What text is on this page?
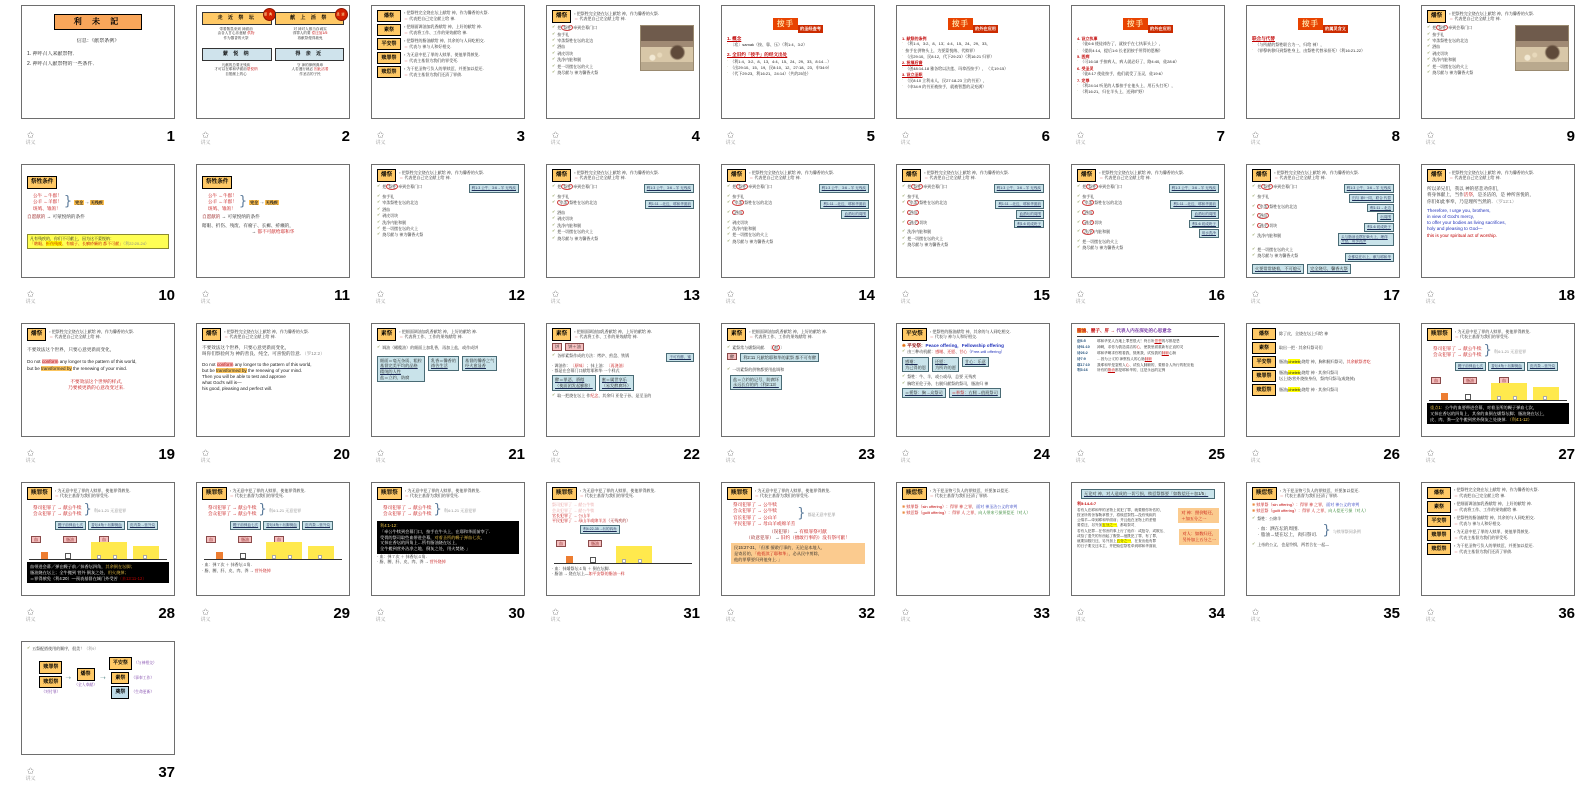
利 未 記
信息：《献祭条例》
1. 神呼召人来献祭物．
2. 神呼召人献祭物的一些条件．
✩
讲义	1
走 近 祭 坛
恩典
献 上 活 祭
圣洁
带着敬畏来到 神面前
由各人甘心乐意献 供物
作为馨香的火祭
对 神对人都当存诚实
得罪人的要 偿还加1/5
再献祭便得赦免
蒙 悦 纳	得 亲 近
凡献的总要无残疾
才可以在耶和华面前蒙悦纳
自愿献上的心
守 神的律例典章
人若遵行就必 因此活着
作圣洁的子民
✩
讲义	2
燔祭	▪ 把祭牲完全烧在坛上献给 神，作为馨香的火祭．
＝ 代表把自己完全献上给 神．
素祭	▪ 把细面调油加乳香献给 神，上好的献给 神．
＝ 代表将工作、工作的果效献给 神．
平安祭	▪ 把祭牲的脂油献给 神，其余的与人同吃相交．
＝ 代表与 神与人和好相交．
赎罪祭	▪ 为无意中犯了罪的人赎罪，使他罪得赦免．
＝ 代表主基督为我们的罪受死．
赎愆祭	▪ 为干犯圣物亏负人的罪赎愆，并要加以偿还．
＝ 代表主基督为我们还清了罪债．
✩
讲义	3
燔祭	▪ 把祭牲完全烧在坛上献给 神，作为馨香的火祭．
＝ 代表把自己完全献上给 神．
✔ 把 祭牲 牵到会幕门口
✔ 按手礼
✔ 宰杀祭牲在坛的北边
✔ 洒血
✔ 剥皮切块
✔ 洗净内脏和腿
✔ 把一切摆在坛的火上
✔ 烧尽献与 神为馨香火祭
✩
讲义	4
按手的圣经查考
1. 概念
· 〔希〕samak（按、靠、压）（利1:4，3:2）
2. 全旧约「按手」的经文出处
· （利1:4，3:2、8、13，4:4、15、24、29、33，8:14…）
· （出29:10、15、19，民8:10、12，27:18、23，申34:9）
· （代下29:23，利16:21，24:14）（共约25处）
✩
讲义	5
按手的外在应用
1. 献祭的条例
· （利1:4，3:2、8、13；4:4、15、24、29、33，
· 按手在供物头上，为要蒙悦纳、代赎罪）
· （出29:10，民8:12，代下29:23）（利16:21 归罪）
2. 祝福后裔
· （创48:14-18 雅各给以法莲、玛拿西按手），（太19:15）
3. 设立圣职
· （民8:10 立利未人，民27:18-23 立约书亚），
· （申34:9 约书亚被按手，就被智慧的灵充满）
✩
讲义	6
按手的外在应用
4. 设立执事
· （徒6:6 使徒祷告了，就按手在七执事头上），
· （提前4:14，提后1:6 长老团按手所得的恩赐）
5. 医病
· （可16:18 手按病人，病人就必好了，路4:40，徒28:8）
6. 受圣灵
· （徒8:17 使徒按手，他们就受了圣灵，徒19:6）
7. 定罪
· （利24:14 听见的人都按手在他头上，用石头打死），
· （利16:21，归在羊头上，送到旷野）
✩
讲义	7
按手的属灵含义
联合与代替
· （与所献的祭牲联合为一，归给 神），
· （罪孽转移归到祭牲身上，由祭牲代替承担死）（利16:21-22）
✩
讲义	8
燔祭	▪ 把祭牲完全烧在坛上献给 神，作为馨香的火祭．
＝ 代表把自己完全献上给 神．
✔ 把 祭牲 牵到会幕门口
✔ 按手礼
✔ 宰杀祭牲在坛的北边
✔ 洒血
✔ 剥皮切块
✔ 洗净内脏和腿
✔ 把一切摆在坛的火上
✔ 烧尽献与 神为馨香火祭
✩
讲义	9
祭牲条件
公牛 ←牛群！
公羊 ←羊群！
斑鸠、雏鸽！ } 完全 ⇢ 无残疾
自愿献的 → 可蒙悦纳的条件
凡有残疾的，你们不可献上，因为这不蒙悦纳：
「瞎眼、折伤残废、有瘤子、长癣疥癞的 都不可献」（利22:20-24）
✩
讲义	10
祭牲条件
公牛 ←牛群！
公羊 ←羊群！
斑鸠、雏鸽！ } 完全 ⇢ 无残疾
自愿献的 → 可蒙悦纳的条件
瞎眼、折伤、残废、有瘤子、长癣、疥癞的，
→ 都不可献给耶和华
✩
讲义	11
燔祭	▪ 把祭牲完全烧在坛上献给 神，作为馨香的火祭．
＝ 代表把自己完全献上给 神．
✔ 把 祭牲 牵到会幕门口	利1:3 公牛，3:6→羊 无残疾
✔ 按手礼
✔ 宰杀祭牲在坛的北边
✔ 洒血
✔ 剥皮切块
✔ 洗净内脏和腿
✔ 把一切摆在坛的火上
✔ 烧尽献与 神为馨香火祭
✩
讲义	12
燔祭	▪ 把祭牲完全烧在坛上献给 神，作为馨香的火祭．
＝ 代表把自己完全献上给 神．
✔ 把 祭牲 牵到会幕门口	利1:3 公牛，3:6→羊 无残疾
✔ 按手礼
✔	宰杀 祭牲在坛的北边	利1:11→北边，耶和华面前
✔ 洒血
✔ 剥皮切块
✔ 洗净内脏和腿
✔ 把一切摆在坛的火上
✔ 烧尽献与 神为馨香火祭
✩
讲义	13
燔祭	▪ 把祭牲完全烧在坛上献给 神，作为馨香的火祭．
＝ 代表把自己完全献上给 神．
✔ 把 祭牲 牵到会幕门口	利1:3 公牛，3:6→羊 无残疾
✔ 按手礼
✔	宰杀 祭牲在坛的北边	利1:11→北边，耶和华面前
✔	洒血	血洒坛的周围
✔ 剥皮切块
✔ 洗净内脏和腿
✔ 把一切摆在坛的火上
✔ 烧尽献与 神为馨香火祭
✩
讲义	14
燔祭	▪ 把祭牲完全烧在坛上献给 神，作为馨香的火祭．
＝ 代表把自己完全献上给 神．
✔ 把 祭牲 牵到会幕门口	利1:3 公牛，3:6→羊 无残疾
✔ 按手礼
✔	宰杀 祭牲在坛的北边	利1:11→北边，耶和华面前
✔	洒血	血洒坛的周围
✔	剥皮 切块	利1:6 切成块子
✔ 洗净内脏和腿
✔ 把一切摆在坛的火上
✔ 烧尽献与 神为馨香火祭
✩
讲义	15
燔祭	▪ 把祭牲完全烧在坛上献给 神，作为馨香的火祭．
＝ 代表把自己完全献上给 神．
✔ 把 祭牲 牵到会幕门口	利1:3 公牛，3:6→羊 无残疾
✔ 按手礼
✔	宰杀 祭牲在坛的北边	利1:11→北边，耶和华面前
✔	洒血	血洒坛的周围
✔	剥皮 切块	利1:6 切成块子
✔	洗净 内脏和腿	用水洗净
✔ 把一切摆在坛的火上
✔ 烧尽献与 神为馨香火祭
✩
讲义	16
燔祭	▪ 把祭牲完全烧在坛上献给 神，作为馨香的火祭．
＝ 代表把自己完全献上给 神．
✔ 把 祭牲 牵到会幕门口	利1:3 公牛，3:6→羊 无残疾
✔ 按手礼	归与 神/一同，联合 代替
✔	宰杀 祭牲在坛的北边	利1:11→北边
✔	洒血	坛周围
✔	剥皮 切块	利1:6 切成块子
✔ 洗净内脏和腿	头与脂油也摆在柴火上，理得齐整，用水洗净
✔ 把一切摆在坛的火上
✔ 烧尽献与 神为馨香火祭	全都烧在坛上，献与耶和华
火要常常烧着，不可熄灭 完全烧尽，馨香火祭
✩
讲义	17
燔祭	▪ 把祭牲完全烧在坛上献给 神，作为馨香的火祭．
＝ 代表把自己完全献上给 神．
所以弟兄们，我以 神的慈悲劝你们，
将身体献上，当作活祭，是圣洁的，是 神所喜悦的，
你们如此事奉，乃是理所当然的．（罗12:1）
Therefore, I urge you, brothers,
in view of God's mercy,
to offer your bodies as living sacrifices,
holy and pleasing to God—
this is your spiritual act of worship.
✩
讲义	18
燔祭	▪ 把祭牲完全烧在坛上献给 神，作为馨香的火祭．
＝ 代表把自己完全献上给 神．
不要效法这个世界，只要心意更新而变化，
Do not conform any longer to the pattern of this world,
but be transformed by the renewing of your mind.
不要效法这个世界的样式，
乃要被更新的心意改变过来．
✩
讲义	19
燔祭	▪ 把祭牲完全烧在坛上献给 神，作为馨香的火祭．
＝ 代表把自己完全献上给 神．
不要效法这个世界，只要心意更新而变化，
叫你们察验何为 神的善良、纯全、可喜悦的旨意．（罗12:2）
Do not conform any longer to the pattern of this world,
but be transformed by the renewing of your mind.
Then you will be able to test and approve
what God's will is—
his good, pleasing and perfect will.
✩
讲义	20
素祭	▪ 把细面调油加乳香献给 神，上好的献给 神．
＝ 代表将工作、工作的果效献给 神．
✔ 调油（橄榄油）的细面上加乳香，再加上盐，或作成饼
细面＝毫无杂质、粗粒
基督完美平均的品格
精纯的人性
盐＝立约、防腐
乳香＝馨香的
祷告生活
基督的馨香之气
经火愈显香
✩
讲义	21
素祭	▪ 把细面调油加乳香献给 神，上好的献给 神．
＝ 代表将工作、工作的果效献给 神．
饼 饼＋油
✔ 各样素祭作成的方法：烤炉、煎盘、铁锅	不可有酵、蜜
· 调油作：〔原味〕；抹上油：〔再浇油〕
· 都是在会幕门口献给耶和华 一个样式
酵＝罪恶、骄傲
（使面团发起膨胀）
蜜＝属世享乐
（易发酵腐坏）
✔ 取一把烧在坛上 作纪念，其余归 亚伦子孙，是至圣的
✩
讲义	22
素祭	▪ 把细面调油加乳香献给 神，上好的献给 神．
＝ 代表将工作、工作的果效献给 神．
✔ 素祭常与燔祭同献．〔 酵 〕
酵 利2:11 凡献给耶和华的素祭 都不可有酵
✔ 一切素祭的供物都要用盐调和
盐＝立约的记号，防腐坏
永远长存的约（利2:13）
✩
讲义	23
平安祭	▪ 把祭牲的脂油献给 神，其余的与人同吃相交．
＝ 代表与 神与人和好相交．
❋ 平安祭：Peace offering，Fellowship offering
✔ 由三种动机献：感谢、还愿、甘心（Free-will offering）
感谢：
为已得的恩
还愿：
为所许的愿
甘心：乐意
✔ 祭牲：牛、羊，或公或母，总要 无残疾
✔ 胸给亚伦子孙，右腿归献祭的祭司，脂油归 神
＝摇祭：胸→众祭司 ＝举祭：右腿→值班祭司
✩
讲义	24
脂油、腰子、肝 → 代表人内在深处的心思意念
创6:5	耶和华见人在地上罪恶很大！终日所思想的尽都是恶
诗51:10	神啊，求你为我造清洁的心，使我里面重新有正直的灵
诗26:2	耶和华啊求你察看我，熬炼我，试验我的肺腑心肠
诗7:9	…因为公义的 神察验人的心肠肺腑
耶17:10	我耶和华是鉴察人心、试验人肺腑的，要照各人所行的报应他
利3:16	所有的脂油都是耶和华的，这是永远的定例
✩
讲义	25
燔祭	除了皮，全烧在坛上归给 神
素祭	取出一把 · 其余归祭司们
平安祭	脂油(cheleb)烧给 神，胸和腿归祭司，其余献祭者吃
赎罪祭	脂油(cheleb)烧给 神 · 其余归祭司
坛上烧/营外烧按身份，祭肉归祭司(或烧掉)
赎愆祭	脂油(cheleb)烧给 神 · 其余归祭司
✩
讲义	26
赎罪祭	▪ 为无意中犯了罪的人赎罪，使他罪得赦免．
＝ 代表主基督为我们的罪受死．
祭司犯罪了 → 献公牛犊
会众犯罪了 → 献公牛犊 } 利4:1-21 无意犯罪
幔子前弹血七次	香坛4角＋坛脚倒血	皮肉粪→营外烧
血	脂油	血
重点1：公牛的血要带进会幕，对着圣所的幔子弹血七次，
又抹在香坛的四角上，其余的血倒在燔祭坛脚；脂油烧在坛上，
皮、肉、粪—全牛搬到营外倒灰之处烧掉．（利4:1-12）
✩
讲义	27
赎罪祭	▪ 为无意中犯了罪的人赎罪，使他罪得赦免．
＝ 代表主基督为我们的罪受死．
祭司犯罪了 → 献公牛犊
会众犯罪了 → 献公牛犊 } 利4:1-21 无意犯罪
幔子前弹血七次	香坛4角＋坛脚倒血	皮肉粪→营外烧
血	脂油	血
血带进会幕／弹在幔子前／抹香坛四角，其余倒在坛脚；
脂油烧在坛上；全牛搬到 营外 倒灰之处，用火烧掉；
＝罪得赦免（利4:20）—预表基督在城门外受苦（来13:11-12）
✩
讲义	28
赎罪祭	▪ 为无意中犯了罪的人赎罪，使他罪得赦免．
＝ 代表主基督为我们的罪受死．
祭司犯罪了 → 献公牛犊
会众犯罪了 → 献公牛犊 } 利4:1-21 无意犯罪
幔子前弹血七次	香坛4角＋坛脚倒血	皮肉粪→营外烧
血	脂油	血
· 血：弹７次 ＋ 抹香坛４角．
· 脂、腰、肝、皮、肉、粪 → 营外烧掉
✩
讲义	29
赎罪祭	▪ 为无意中犯了罪的人赎罪，使他罪得赦免．
＝ 代表主基督为我们的罪受死．
祭司犯罪了 → 献公牛犊
会众犯罪了 → 献公牛犊 } 利4:1-21 无意犯罪
利4:1-12：
「牵公牛犊到会幕门口，按手在牛头上，在耶和华面前宰了．
受膏的祭司取些血带进会幕，对着圣所的幔子弹血七次，
又抹在香坛的四角上…所有脂油烧在坛上，
全牛搬到营外洁净之地、倒灰之处，用火焚烧．」
· 血：弹７次 ＋ 抹香坛４角．
· 脂、腰、肝、皮、肉、粪 → 营外烧掉
✩
讲义	30
赎罪祭	▪ 为无意中犯了罪的人赎罪，使他罪得赦免．
＝ 代表主基督为我们的罪受死．
祭司犯罪了 → 献公牛犊
会众犯罪了 → 献公牛犊
官长犯罪了 → 公山羊
平民犯罪了 → 母山羊或绵羊羔（无残疾的）
利4:22-35→坛的四角
血	脂油
· 血：抹燔祭坛４角 ＋ 倒在坛脚．
· 脂油 → 烧在坛上—如平安祭的脂油一样
✩
讲义	31
赎罪祭	▪ 为无意中犯了罪的人赎罪，使他罪得赦免．
＝ 代表主基督为我们的罪受死．
祭司犯罪了 → 公牛犊
会众犯罪了 → 公牛犊
官长犯罪了 → 公山羊
平民犯罪了 → 母山羊或绵羊羔
} 都是无意中犯罪
（误犯罪） → 有赎罪祭可献
（故意犯罪） → 旧约（擅敢行事的）没有祭可献！
民15:27-31，「但那 擅敢行事的，无论是本地人、
是寄居的，「他亵渎了耶和华」，必从民中剪除，
他的罪孽要归到他身上．」
✩
讲义	32
赎愆祭	▪ 为干犯圣物亏负人的罪赎愆，并要加以偿还．
＝ 代表主基督为我们还清了罪债．
❋ 赎罪祭（sin offering）：得罪 神 之罪，面对 神圣洁公义的审判
❋ 赎愆祭（guilt offering）：得罪 人 之罪，向人带来亏损须偿还（对人）
✩
讲义	33
无论对 神、对人造成的一切亏损，赎愆祭都要「如数偿还＋加1/5」
利5:14-6:7
若有人在耶和华的圣物上误犯了罪，就要照你所估的，
按圣所的舍客勒拿银子，将赎愆祭牲—没有残疾的
公绵羊—牵到耶和华面前；并且他在圣物上的差错
要偿还，另外加五分之一，都给祭司．
对 神：照价赔还，
＋加五分之一
若有人犯罪…在邻舍的事上行了诡诈：或抢夺、或欺压、
或拾了遗失的东西起了假誓—他既犯了罪，有了罪，
就要如数归还，另外加上五分之一，在查出他有罪
的日子要交还本主，并把赎愆祭牲牵到耶和华面前．
对人：如数归还，
另外加上五分之一
✩
讲义	34
赎愆祭	▪ 为干犯圣物亏负人的罪赎愆，并要加以偿还．
＝ 代表主基督为我们还清了罪债．
❋ 赎罪祭（sin offering）：得罪 神 之罪，面对 神公义的审判
❋ 赎愆祭（guilt offering）：得罪 人 之罪，向人偿还亏损（对人）
✔ 祭牲：公绵羊
· 血：洒在坛的周围．
· 脂油→烧在坛上，肉归祭司． } 与赎罪祭同条例
✔ 上帝的公义，也是怜悯，两者合在一起—
✩
讲义	35
燔祭	▪ 把祭牲完全烧在坛上献给 神，作为馨香的火祭．
＝ 代表把自己完全献上给 神．
素祭	▪ 把细面调油加乳香献给 神，上好的献给 神．
＝ 代表将工作、工作的果效献给 神．
平安祭	▪ 把祭牲的脂油献给 神，其余的与人同吃相交．
＝ 代表与 神与人和好相交．
赎罪祭	▪ 为无意中犯了罪的人赎罪，使他罪得赦免．
＝ 代表主基督为我们的罪受死．
赎愆祭	▪ 为干犯圣物亏负人的罪赎愆，并要加以偿还．
＝ 代表主基督为我们还清了罪债．
✩
讲义	36
✔ 五祭配搭使用的顺序，很美！（利9）
赎罪祭
赎愆祭
（对付罪）
➝	燔祭
（全人奉献）
➝
平安祭	（与神相交）
素祭	（事奉工作）
奠祭	（生命更新）
✩
讲义	37
